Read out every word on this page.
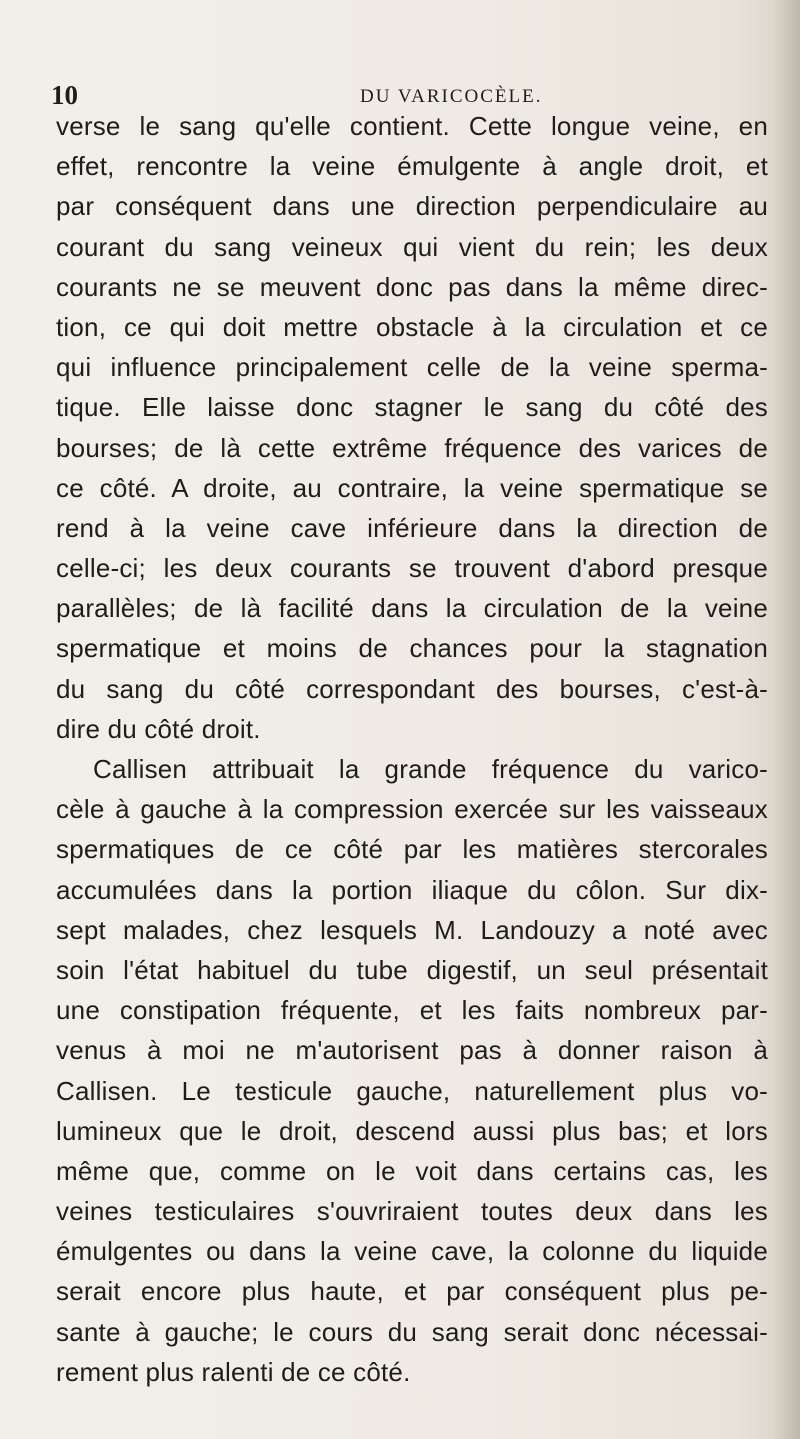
10	DU VARICOCÈLE.
verse le sang qu'elle contient. Cette longue veine, en
effet, rencontre la veine émulgente à angle droit, et
par conséquent dans une direction perpendiculaire au
courant du sang veineux qui vient du rein; les deux
courants ne se meuvent donc pas dans la même direc-
tion, ce qui doit mettre obstacle à la circulation et ce
qui influence principalement celle de la veine sperma-
tique. Elle laisse donc stagner le sang du côté des
bourses; de là cette extrême fréquence des varices de
ce côté. A droite, au contraire, la veine spermatique se
rend à la veine cave inférieure dans la direction de
celle-ci; les deux courants se trouvent d'abord presque
parallèles; de là facilité dans la circulation de la veine
spermatique et moins de chances pour la stagnation
du sang du côté correspondant des bourses, c'est-à-
dire du côté droit.
Callisen attribuait la grande fréquence du varico-
cèle à gauche à la compression exercée sur les vaisseaux
spermatiques de ce côté par les matières stercorales
accumulées dans la portion iliaque du côlon. Sur dix-
sept malades, chez lesquels M. Landouzy a noté avec
soin l'état habituel du tube digestif, un seul présentait
une constipation fréquente, et les faits nombreux par-
venus à moi ne m'autorisent pas à donner raison à
Callisen. Le testicule gauche, naturellement plus vo-
lumineux que le droit, descend aussi plus bas; et lors
même que, comme on le voit dans certains cas, les
veines testiculaires s'ouvriraient toutes deux dans les
émulgentes ou dans la veine cave, la colonne du liquide
serait encore plus haute, et par conséquent plus pe-
sante à gauche; le cours du sang serait donc nécessai-
rement plus ralenti de ce côté.
